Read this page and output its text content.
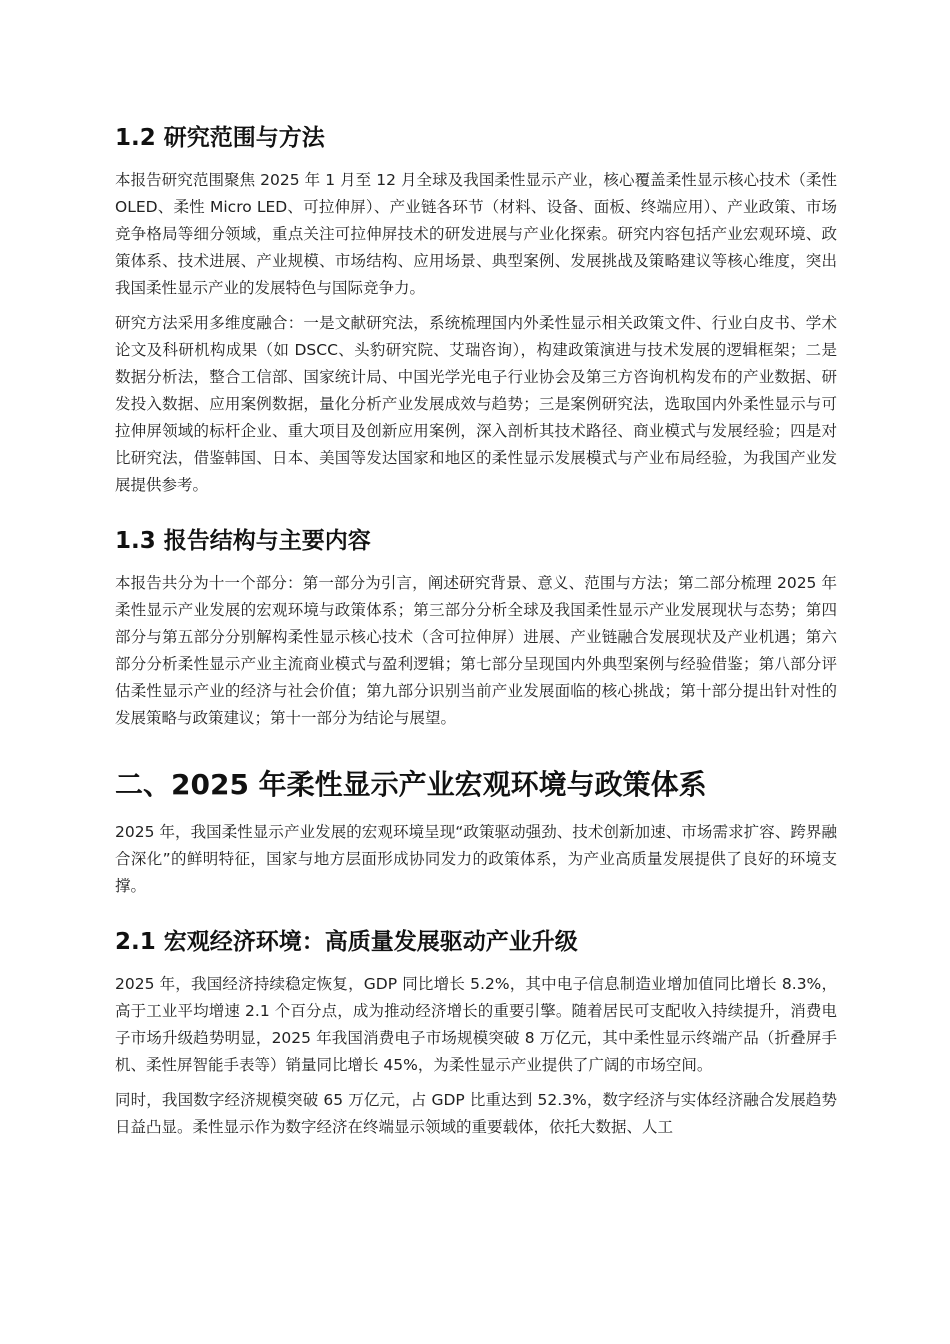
1.2 研究范围与方法

本报告研究范围聚焦 2025 年 1 月至 12 月全球及我国柔性显示产业，核心覆盖柔性显示核心技术（柔性 OLED、柔性 Micro LED、可拉伸屏）、产业链各环节（材料、设备、面板、终端应用）、产业政策、市场竞争格局等细分领域，重点关注可拉伸屏技术的研发进展与产业化探索。研究内容包括产业宏观环境、政策体系、技术进展、产业规模、市场结构、应用场景、典型案例、发展挑战及策略建议等核心维度，突出我国柔性显示产业的发展特色与国际竞争力。

研究方法采用多维度融合：一是文献研究法，系统梳理国内外柔性显示相关政策文件、行业白皮书、学术论文及科研机构成果（如 DSCC、头豹研究院、艾瑞咨询），构建政策演进与技术发展的逻辑框架；二是数据分析法，整合工信部、国家统计局、中国光学光电子行业协会及第三方咨询机构发布的产业数据、研发投入数据、应用案例数据，量化分析产业发展成效与趋势；三是案例研究法，选取国内外柔性显示与可拉伸屏领域的标杆企业、重大项目及创新应用案例，深入剖析其技术路径、商业模式与发展经验；四是对比研究法，借鉴韩国、日本、美国等发达国家和地区的柔性显示发展模式与产业布局经验，为我国产业发展提供参考。

1.3 报告结构与主要内容

本报告共分为十一个部分：第一部分为引言，阐述研究背景、意义、范围与方法；第二部分梳理 2025 年柔性显示产业发展的宏观环境与政策体系；第三部分分析全球及我国柔性显示产业发展现状与态势；第四部分与第五部分分别解构柔性显示核心技术（含可拉伸屏）进展、产业链融合发展现状及产业机遇；第六部分分析柔性显示产业主流商业模式与盈利逻辑；第七部分呈现国内外典型案例与经验借鉴；第八部分评估柔性显示产业的经济与社会价值；第九部分识别当前产业发展面临的核心挑战；第十部分提出针对性的发展策略与政策建议；第十一部分为结论与展望。

二、2025 年柔性显示产业宏观环境与政策体系

2025 年，我国柔性显示产业发展的宏观环境呈现“政策驱动强劲、技术创新加速、市场需求扩容、跨界融合深化”的鲜明特征，国家与地方层面形成协同发力的政策体系，为产业高质量发展提供了良好的环境支撑。

2.1 宏观经济环境：高质量发展驱动产业升级

2025 年，我国经济持续稳定恢复，GDP 同比增长 5.2%，其中电子信息制造业增加值同比增长 8.3%，高于工业平均增速 2.1 个百分点，成为推动经济增长的重要引擎。随着居民可支配收入持续提升，消费电子市场升级趋势明显，2025 年我国消费电子市场规模突破 8 万亿元，其中柔性显示终端产品（折叠屏手机、柔性屏智能手表等）销量同比增长 45%，为柔性显示产业提供了广阔的市场空间。

同时，我国数字经济规模突破 65 万亿元，占 GDP 比重达到 52.3%，数字经济与实体经济融合发展趋势日益凸显。柔性显示作为数字经济在终端显示领域的重要载体，依托大数据、人工
